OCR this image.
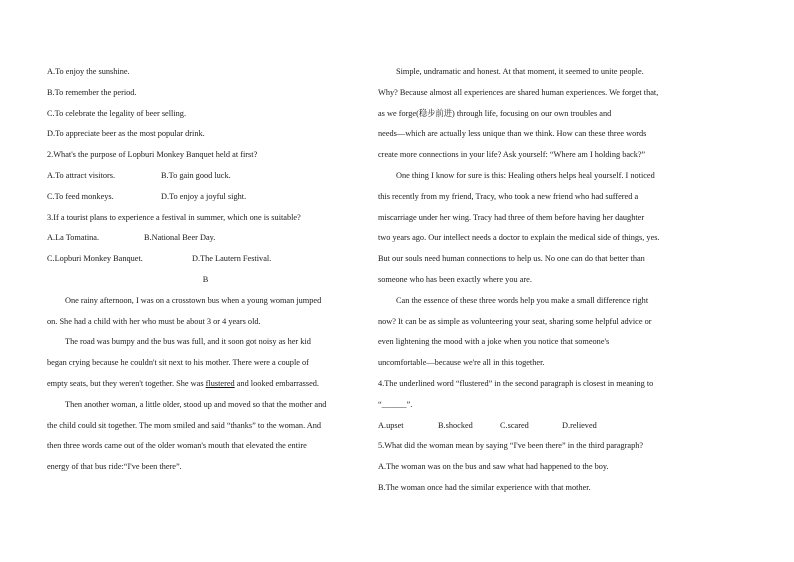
A.To enjoy the sunshine.
B.To remember the period.
C.To celebrate the legality of beer selling.
D.To appreciate beer as the most popular drink.
2.What's the purpose of Lopburi Monkey Banquet held at first?
A.To attract visitors.	B.To gain good luck.
C.To feed monkeys.	D.To enjoy a joyful sight.
3.If a tourist plans to experience a festival in summer, which one is suitable?
A.La Tomatina.	B.National Beer Day.
C.Lopburi Monkey Banquet.	D.The Lautern Festival.
B
One rainy afternoon, I was on a crosstown bus when a young woman jumped
on. She had a child with her who must be about 3 or 4 years old.
The road was bumpy and the bus was full, and it soon got noisy as her kid
began crying because he couldn't sit next to his mother. There were a couple of
empty seats, but they weren't together. She was flustered and looked embarrassed.
Then another woman, a little older, stood up and moved so that the mother and
the child could sit together. The mom smiled and said “thanks” to the woman. And
then three words came out of the older woman's mouth that elevated the entire
energy of that bus ride:“I've been there”.
Simple, undramatic and honest. At that moment, it seemed to unite people.
Why? Because almost all experiences are shared human experiences. We forget that,
as we forge(稳步前进) through life, focusing on our own troubles and
needs—which are actually less unique than we think. How can these three words
create more connections in your life? Ask yourself: “Where am I holding back?”
One thing I know for sure is this: Healing others helps heal yourself. I noticed
this recently from my friend, Tracy, who took a new friend who had suffered a
miscarriage under her wing. Tracy had three of them before having her daughter
two years ago. Our intellect needs a doctor to explain the medical side of things, yes.
But our souls need human connections to help us. No one can do that better than
someone who has been exactly where you are.
Can the essence of these three words help you make a small difference right
now? It can be as simple as volunteering your seat, sharing some helpful advice or
even lightening the mood with a joke when you notice that someone's
uncomfortable—because we're all in this together.
4.The underlined word “flustered” in the second paragraph is closest in meaning to
“______”.
A.upset	B.shocked	C.scared	D.relieved
5.What did the woman mean by saying “I've been there” in the third paragraph?
A.The woman was on the bus and saw what had happened to the boy.
B.The woman once had the similar experience with that mother.
